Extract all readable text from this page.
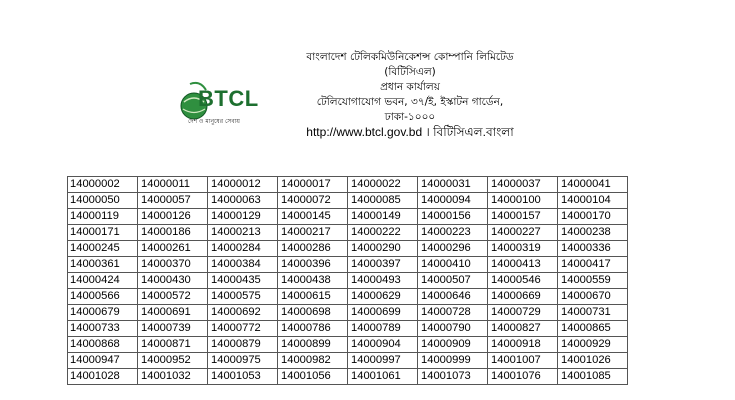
BTCL
দেশ ও মানুষের সেবায়
বাংলাদেশ টেলিকমিউনিকেশন্স কোম্পানি লিমিটেড
(বিটিসিএল)
প্রধান কার্যালয়
টেলিযোগাযোগ ভবন, ৩৭/ই, ইস্কাটন গার্ডেন,
ঢাকা-১০০০
http://www.btcl.gov.bd । বিটিসিএল.বাংলা
14000002	14000011	14000012	14000017	14000022	14000031	14000037	14000041
14000050	14000057	14000063	14000072	14000085	14000094	14000100	14000104
14000119	14000126	14000129	14000145	14000149	14000156	14000157	14000170
14000171	14000186	14000213	14000217	14000222	14000223	14000227	14000238
14000245	14000261	14000284	14000286	14000290	14000296	14000319	14000336
14000361	14000370	14000384	14000396	14000397	14000410	14000413	14000417
14000424	14000430	14000435	14000438	14000493	14000507	14000546	14000559
14000566	14000572	14000575	14000615	14000629	14000646	14000669	14000670
14000679	14000691	14000692	14000698	14000699	14000728	14000729	14000731
14000733	14000739	14000772	14000786	14000789	14000790	14000827	14000865
14000868	14000871	14000879	14000899	14000904	14000909	14000918	14000929
14000947	14000952	14000975	14000982	14000997	14000999	14001007	14001026
14001028	14001032	14001053	14001056	14001061	14001073	14001076	14001085
